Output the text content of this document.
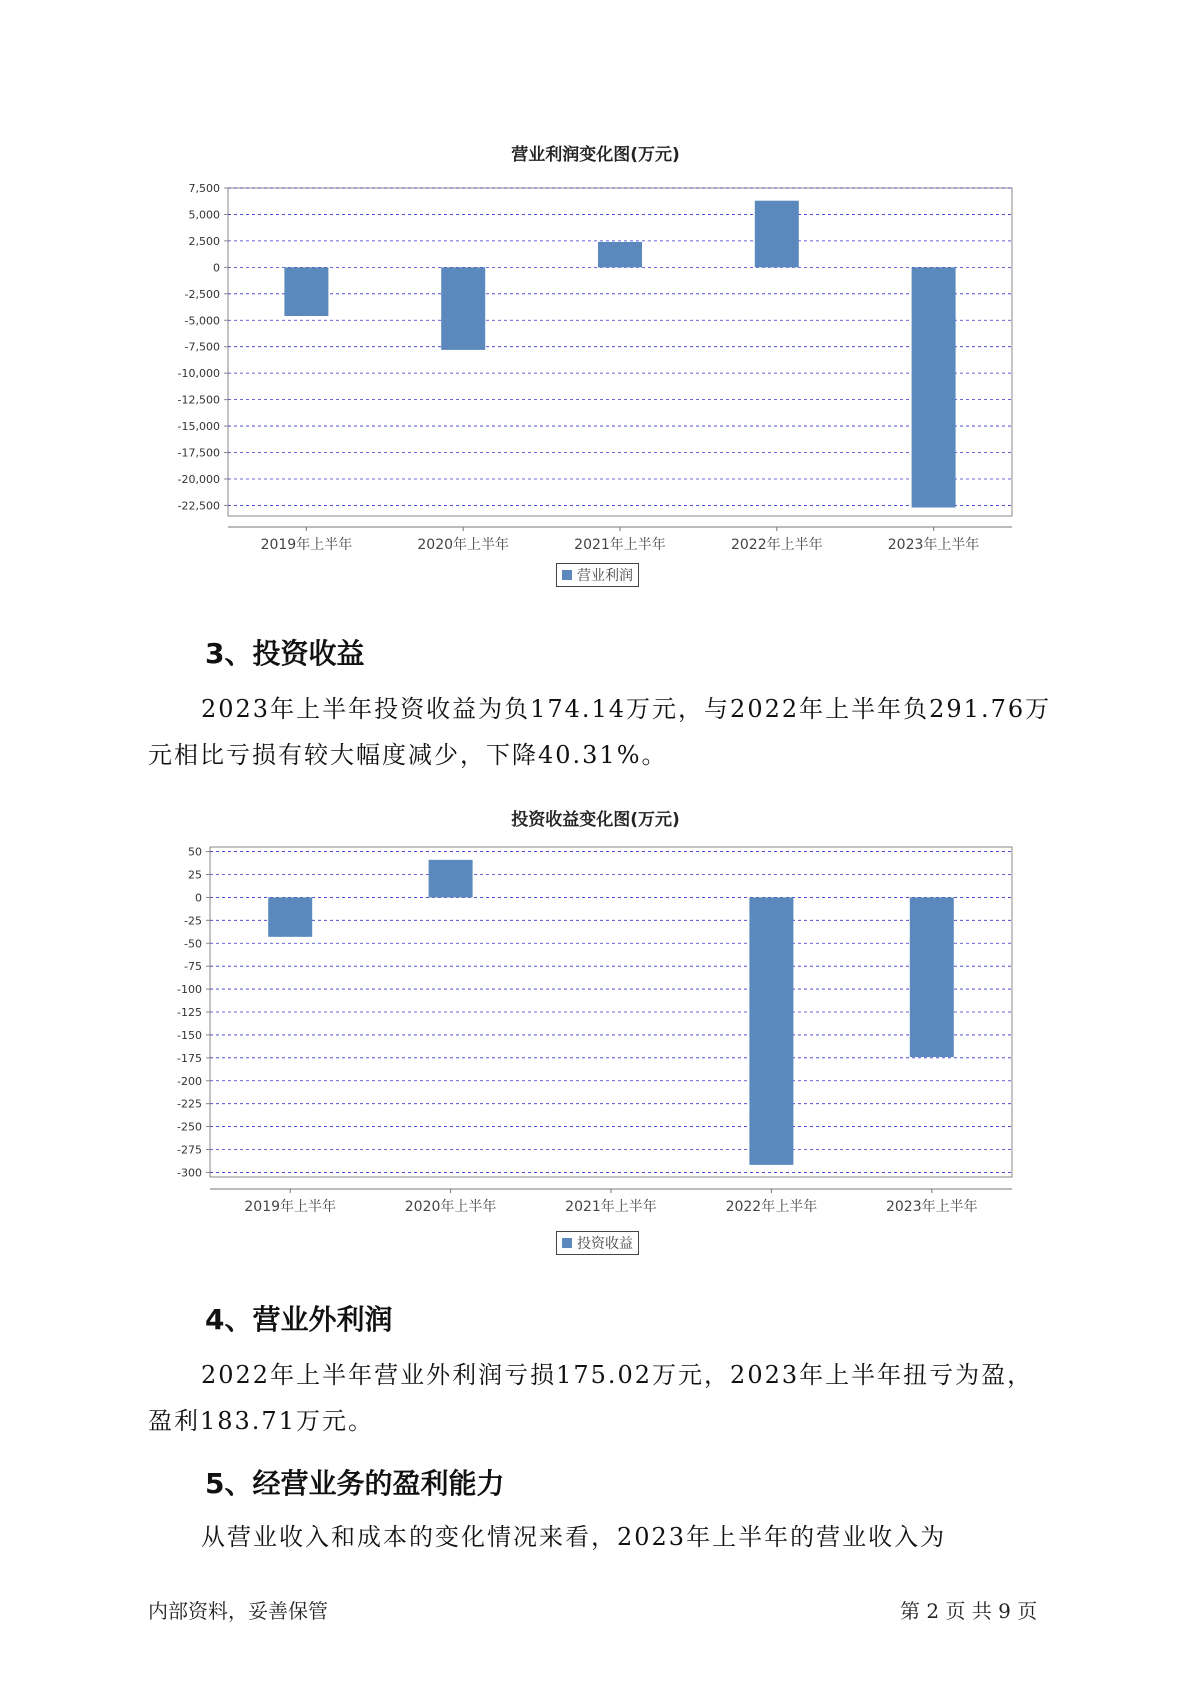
营业利润变化图(万元)
7,500
5,000
2,500
0
-2,500
-5,000
-7,500
-10,000
-12,500
-15,000
-17,500
-20,000
-22,500
2019年上半年	2020年上半年	2021年上半年	2022年上半年	2023年上半年
营业利润
3、投资收益

2023年上半年投资收益为负174.14万元，与2022年上半年负291.76万

元相比亏损有较大幅度减少，下降40.31%。

投资收益变化图(万元)
50
25
0
-25
-50
-75
-100
-125
-150
-175
-200
-225
-250
-275
-300
2019年上半年	2020年上半年	2021年上半年	2022年上半年	2023年上半年
投资收益
4、营业外利润

2022年上半年营业外利润亏损175.02万元，2023年上半年扭亏为盈，

盈利183.71万元。

5、经营业务的盈利能力

从营业收入和成本的变化情况来看，2023年上半年的营业收入为

内部资料，妥善保管	第 2 页 共 9 页
